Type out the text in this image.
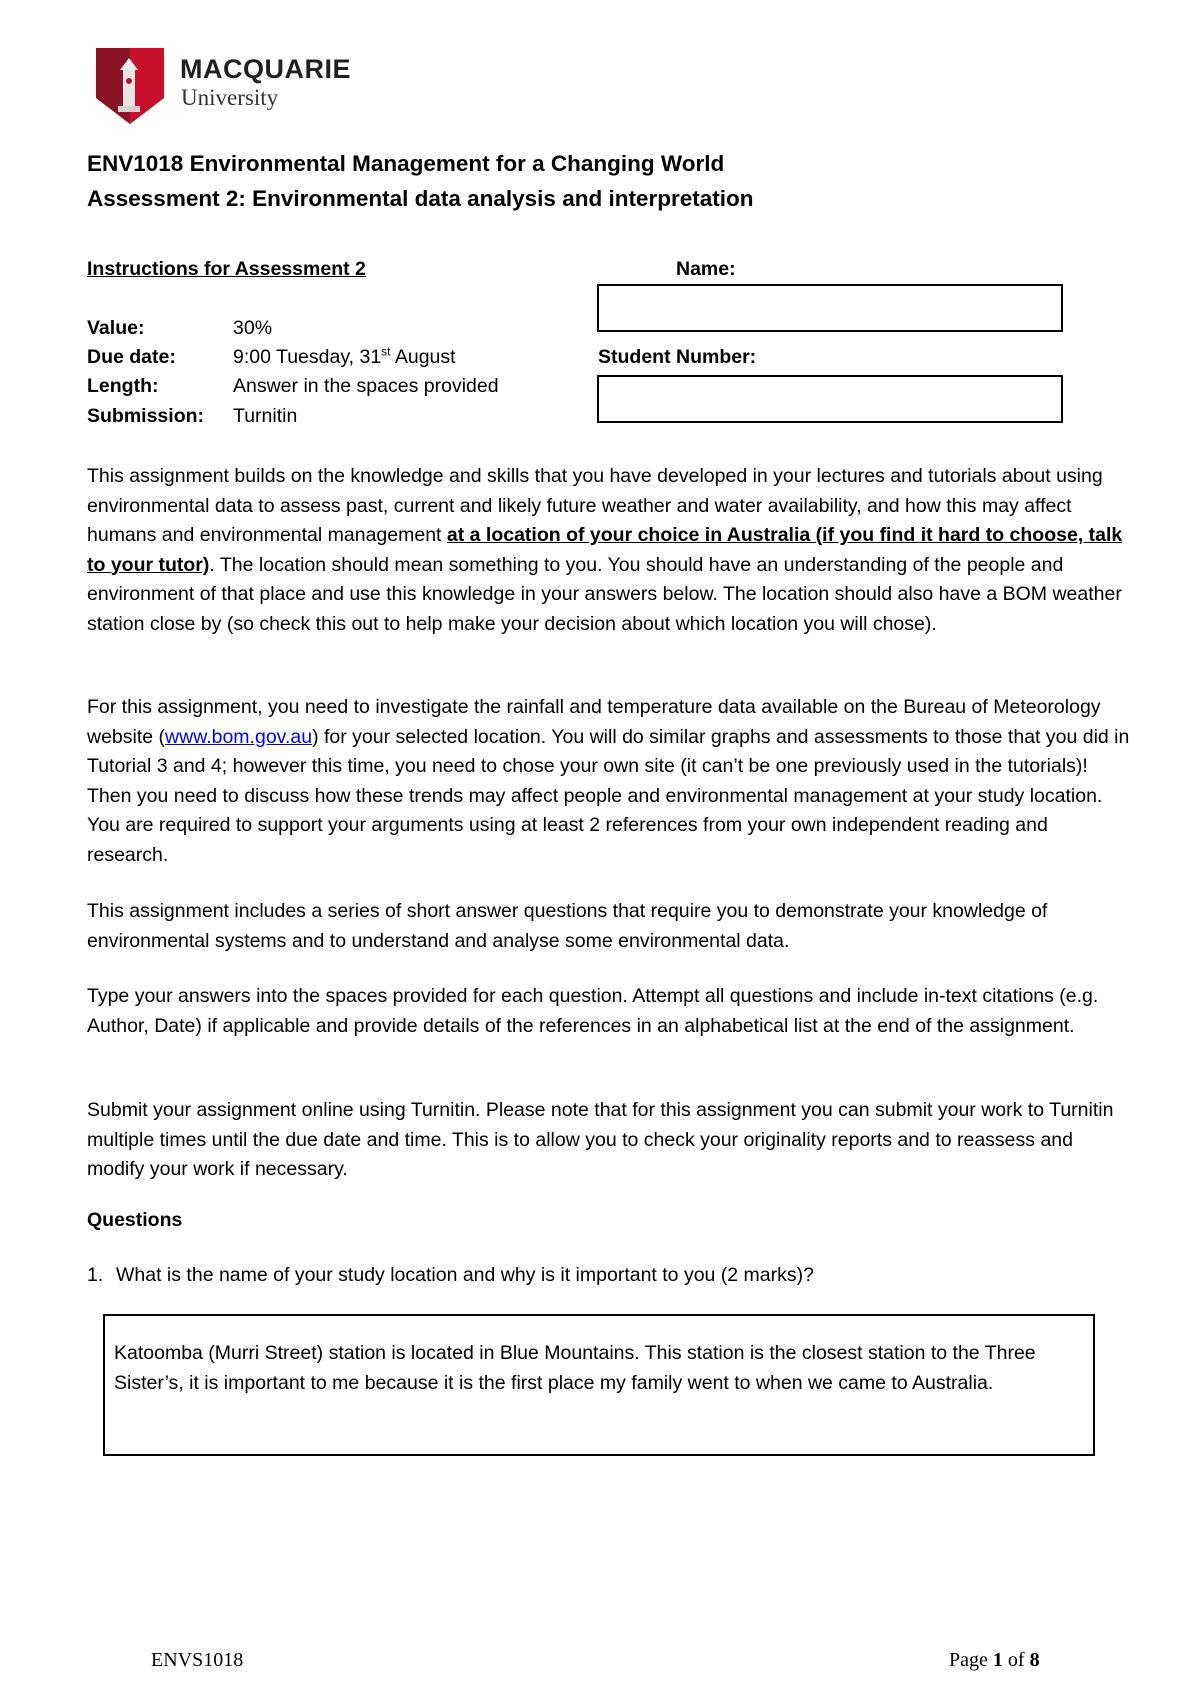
MACQUARIE
University
ENV1018 Environmental Management for a Changing World
Assessment 2: Environmental data analysis and interpretation
Instructions for Assessment 2
Value:	30%
Due date:	9:00 Tuesday, 31st August
Length:	Answer in the spaces provided
Submission: Turnitin
Name:
Student Number:

This assignment builds on the knowledge and skills that you have developed in your lectures and tutorials about using environmental data to assess past, current and likely future weather and water availability, and how this may affect humans and environmental management at a location of your choice in Australia (if you find it hard to choose, talk to your tutor). The location should mean something to you. You should have an understanding of the people and environment of that place and use this knowledge in your answers below. The location should also have a BOM weather station close by (so check this out to help make your decision about which location you will chose).

For this assignment, you need to investigate the rainfall and temperature data available on the Bureau of Meteorology website (www.bom.gov.au) for your selected location. You will do similar graphs and assessments to those that you did in Tutorial 3 and 4; however this time, you need to chose your own site (it can’t be one previously used in the tutorials)! Then you need to discuss how these trends may affect people and environmental management at your study location. You are required to support your arguments using at least 2 references from your own independent reading and research.

This assignment includes a series of short answer questions that require you to demonstrate your knowledge of environmental systems and to understand and analyse some environmental data.

Type your answers into the spaces provided for each question. Attempt all questions and include in-text citations (e.g. Author, Date) if applicable and provide details of the references in an alphabetical list at the end of the assignment.

Submit your assignment online using Turnitin. Please note that for this assignment you can submit your work to Turnitin multiple times until the due date and time. This is to allow you to check your originality reports and to reassess and modify your work if necessary.

Questions
1. What is the name of your study location and why is it important to you (2 marks)?

Katoomba (Murri Street) station is located in Blue Mountains. This station is the closest station to the Three Sister’s, it is important to me because it is the first place my family went to when we came to Australia.

ENVS1018	Page 1 of 8
